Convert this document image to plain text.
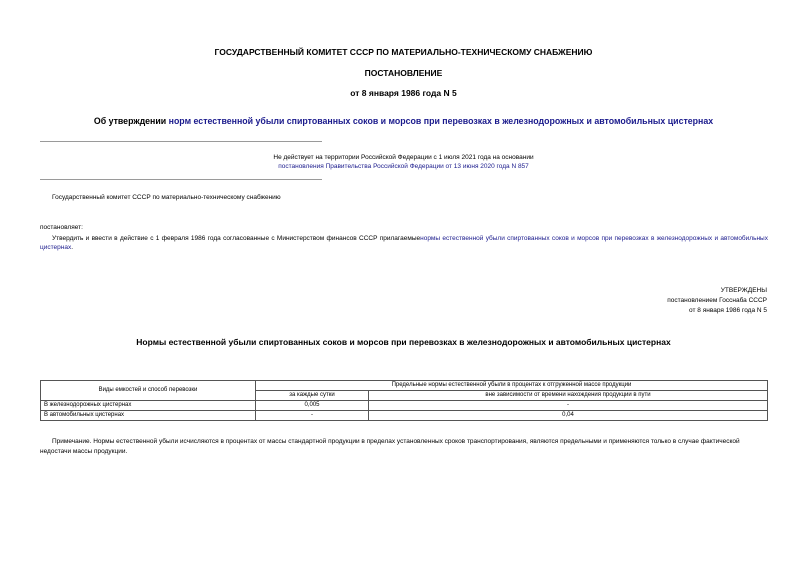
ГОСУДАРСТВЕННЫЙ КОМИТЕТ СССР ПО МАТЕРИАЛЬНО-ТЕХНИЧЕСКОМУ СНАБЖЕНИЮ
ПОСТАНОВЛЕНИЕ
от 8 января 1986 года N 5
Об утверждении норм естественной убыли спиртованных соков и морсов при перевозках в железнодорожных и автомобильных цистернах
Не действует на территории Российской Федерации с 1 июля 2021 года на основании
постановления Правительства Российской Федерации от 13 июня 2020 года N 857
Государственный комитет СССР по материально-техническому снабжению
постановляет:
Утвердить и ввести в действие с 1 февраля 1986 года согласованные с Министерством финансов СССР прилагаемыенормы естественной убыли спиртованных соков и морсов при перевозках в железнодорожных и автомобильных цистернах.
УТВЕРЖДЕНЫ
постановлением Госснаба СССР
от 8 января 1986 года N 5
Нормы естественной убыли спиртованных соков и морсов при перевозках в железнодорожных и автомобильных цистернах
Виды емкостей и способ перевозки	Предельные нормы естественной убыли в процентах к отгруженной массе продукции	
	за каждые сутки	вне зависимости от времени нахождения продукции в пути
В железнодорожных цистернах	0,005	-
В автомобильных цистернах	-	0,04
Примечание. Нормы естественной убыли исчисляются в процентах от массы стандартной продукции в пределах установленных сроков транспортирования, являются предельными и применяются только в случае фактической недостачи массы продукции.
